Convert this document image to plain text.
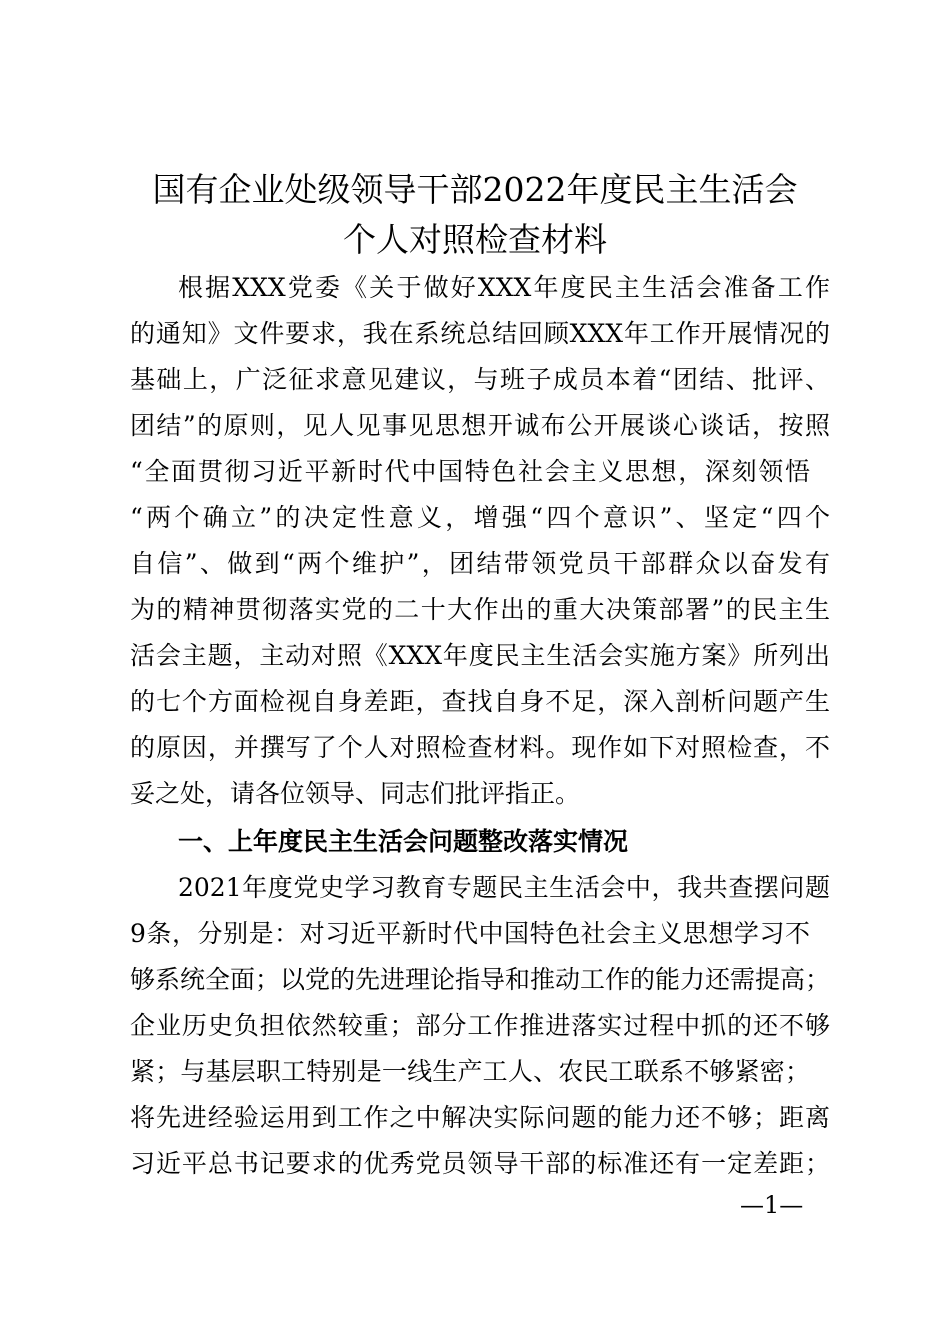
国有企业处级领导干部2022年度民主生活会
个人对照检查材料
根据XXX党委《关于做好XXX年度民主生活会准备工作
的通知》文件要求，我在系统总结回顾XXX年工作开展情况的
基础上，广泛征求意见建议，与班子成员本着“团结、批评、
团结”的原则，见人见事见思想开诚布公开展谈心谈话，按照
“全面贯彻习近平新时代中国特色社会主义思想，深刻领悟
“两个确立”的决定性意义，增强“四个意识”、坚定“四个
自信”、做到“两个维护”，团结带领党员干部群众以奋发有
为的精神贯彻落实党的二十大作出的重大决策部署”的民主生
活会主题，主动对照《XXX年度民主生活会实施方案》所列出
的七个方面检视自身差距，查找自身不足，深入剖析问题产生
的原因，并撰写了个人对照检查材料。现作如下对照检查，不
妥之处，请各位领导、同志们批评指正。
一、上年度民主生活会问题整改落实情况
2021年度党史学习教育专题民主生活会中，我共查摆问题
9条，分别是：对习近平新时代中国特色社会主义思想学习不
够系统全面；以党的先进理论指导和推动工作的能力还需提高；
企业历史负担依然较重；部分工作推进落实过程中抓的还不够
紧；与基层职工特别是一线生产工人、农民工联系不够紧密；
将先进经验运用到工作之中解决实际问题的能力还不够；距离
习近平总书记要求的优秀党员领导干部的标准还有一定差距；
—1—
